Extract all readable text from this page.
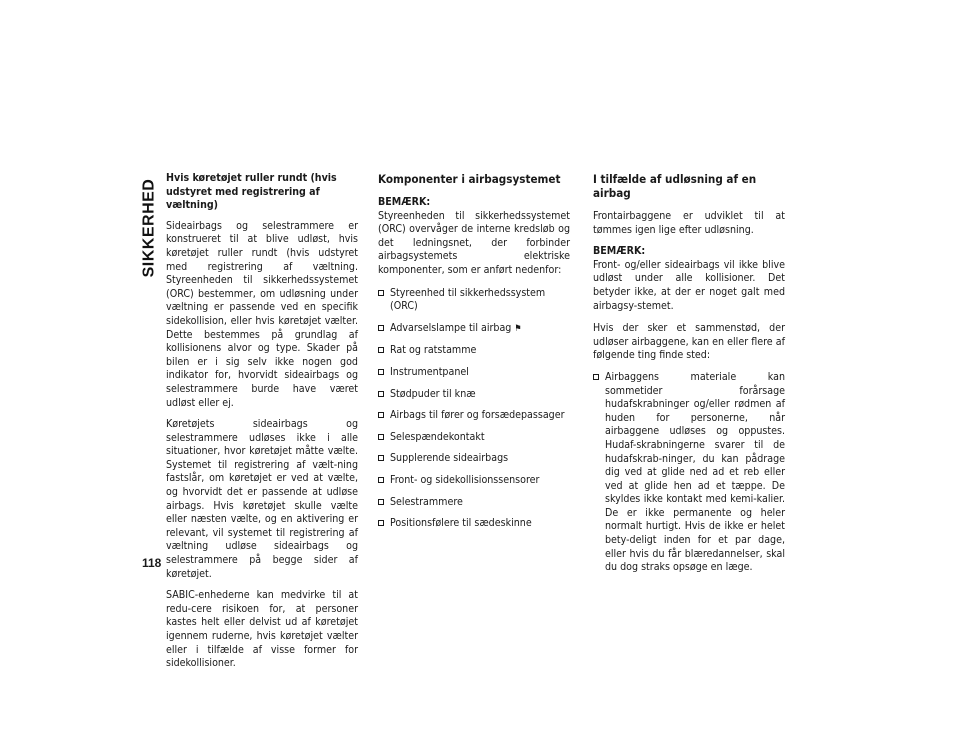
SIKKERHED
Hvis køretøjet ruller rundt (hvis udstyret med registrering af væltning)

Sideairbags og selestrammere er konstrueret til at blive udløst, hvis køretøjet ruller rundt (hvis udstyret med registrering af væltning. Styreenheden til sikkerhedssystemet (ORC) bestemmer, om udløsning under væltning er passende ved en specifik sidekollision, eller hvis køretøjet vælter. Dette bestemmes på grundlag af kollisionens alvor og type. Skader på bilen er i sig selv ikke nogen god indikator for, hvorvidt sideairbags og selestrammere burde have været udløst eller ej.

Køretøjets sideairbags og selestrammere udløses ikke i alle situationer, hvor køretøjet måtte vælte. Systemet til registrering af vælt-ning fastslår, om køretøjet er ved at vælte, og hvorvidt det er passende at udløse airbags. Hvis køretøjet skulle vælte eller næsten vælte, og en aktivering er relevant, vil systemet til registrering af væltning udløse sideairbags og selestrammere på begge sider af køretøjet.

SABIC-enhederne kan medvirke til at redu-cere risikoen for, at personer kastes helt eller delvist ud af køretøjet igennem ruderne, hvis køretøjet vælter eller i tilfælde af visse former for sidekollisioner.

Komponenter i airbagsystemet
BEMÆRK:

Styreenheden til sikkerhedssystemet (ORC) overvåger de interne kredsløb og det ledningsnet, der forbinder airbagsystemets elektriske komponenter, som er anført nedenfor:

Styreenhed til sikkerhedssystem (ORC)
Advarselslampe til airbag ⚑
Rat og ratstamme
Instrumentpanel
Stødpuder til knæ
Airbags til fører og forsædepassager
Selespændekontakt
Supplerende sideairbags
Front- og sidekollisionssensorer
Selestrammere
Positionsfølere til sædeskinne
I tilfælde af udløsning af en airbag

Frontairbaggene er udviklet til at tømmes igen lige efter udløsning.

BEMÆRK:

Front- og/eller sideairbags vil ikke blive udløst under alle kollisioner. Det betyder ikke, at der er noget galt med airbagsy-stemet.

Hvis der sker et sammenstød, der udløser airbaggene, kan en eller flere af følgende ting finde sted:

Airbaggens materiale kan sommetider forårsage hudafskrabninger og/eller rødmen af huden for personerne, når airbaggene udløses og oppustes. Hudaf-skrabningerne svarer til de hudafskrab-ninger, du kan pådrage dig ved at glide ned ad et reb eller ved at glide hen ad et tæppe. De skyldes ikke kontakt med kemi-kalier. De er ikke permanente og heler normalt hurtigt. Hvis de ikke er helet bety-deligt inden for et par dage, eller hvis du får blæredannelser, skal du dog straks opsøge en læge.
118
